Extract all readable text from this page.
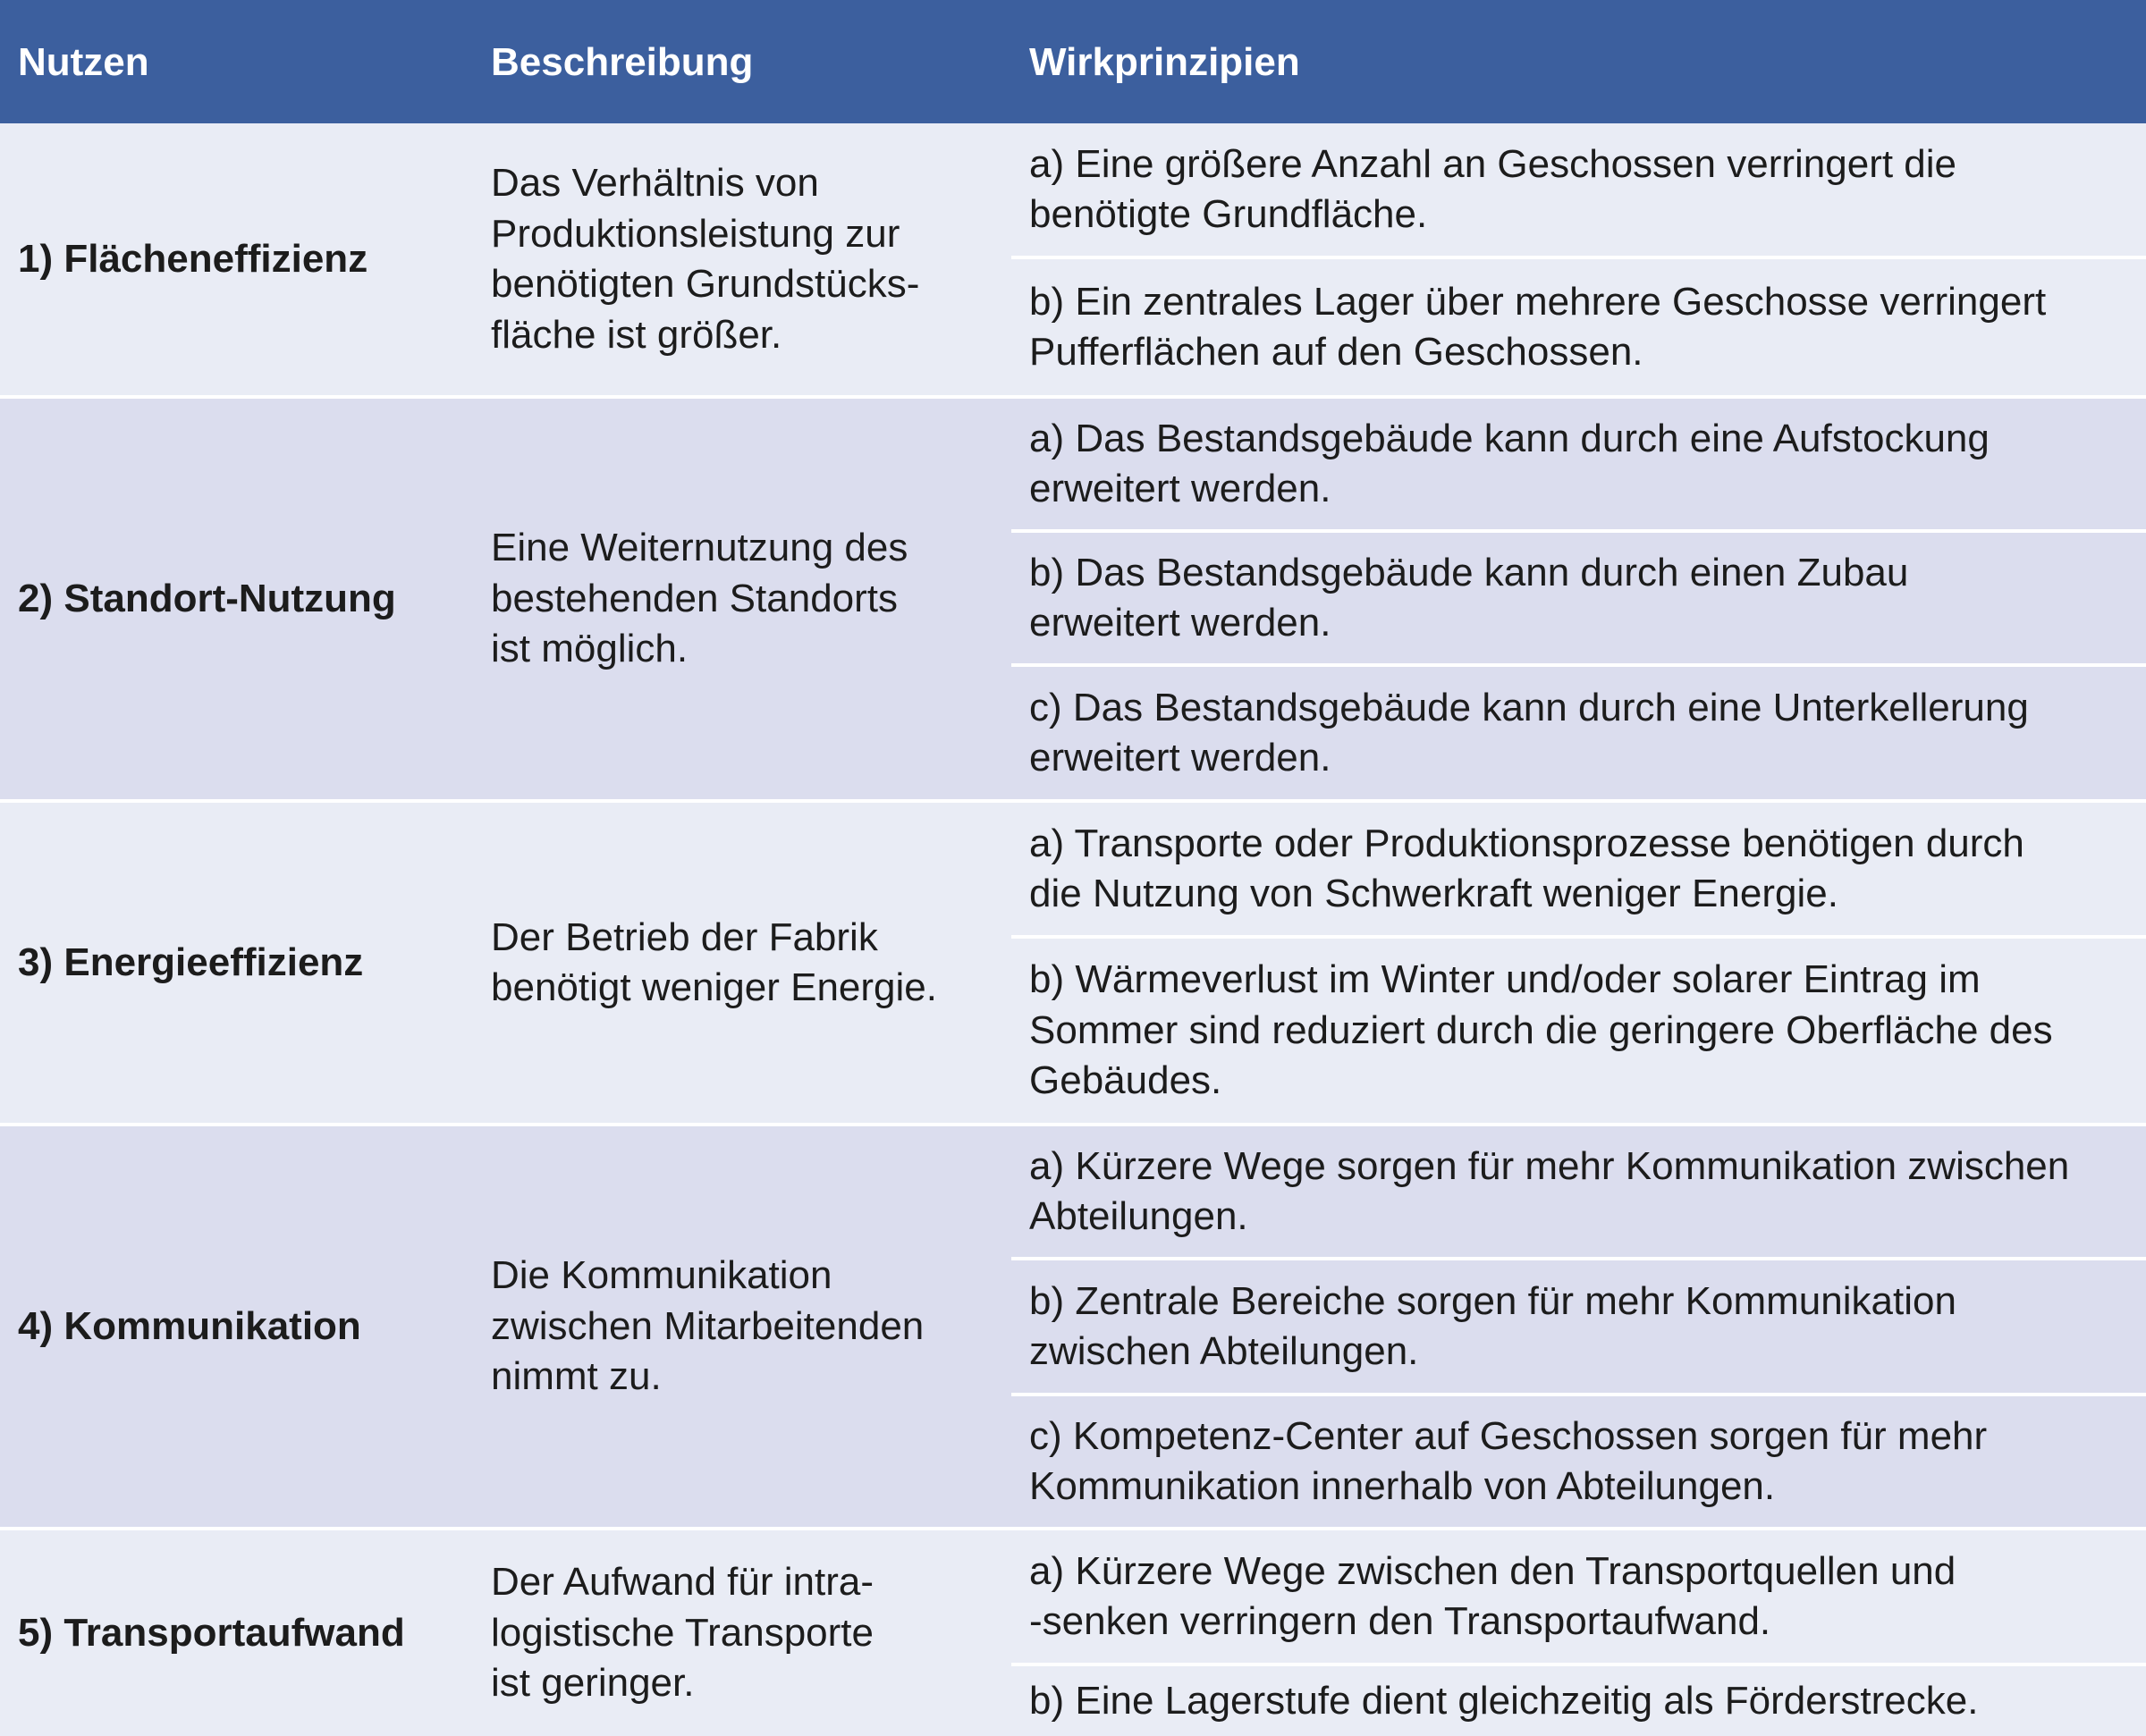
Nutzen	Beschreibung	Wirkprinzipien
1) Flächeneffizienz
Das Verhältnis von
Produktionsleistung zur
benötigten Grundstücks-
fläche ist größer.
a) Eine größere Anzahl an Geschossen verringert die
benötigte Grundfläche.
b) Ein zentrales Lager über mehrere Geschosse verringert
Pufferflächen auf den Geschossen.
2) Standort-Nutzung
Eine Weiternutzung des
bestehenden Standorts
ist möglich.
a) Das Bestandsgebäude kann durch eine Aufstockung
erweitert werden.
b) Das Bestandsgebäude kann durch einen Zubau
erweitert werden.
c) Das Bestandsgebäude kann durch eine Unterkellerung
erweitert werden.
3) Energieeffizienz
Der Betrieb der Fabrik
benötigt weniger Energie.
a) Transporte oder Produktionsprozesse benötigen durch
die Nutzung von Schwerkraft weniger Energie.
b) Wärmeverlust im Winter und/oder solarer Eintrag im
Sommer sind reduziert durch die geringere Oberfläche des
Gebäudes.
4) Kommunikation
Die Kommunikation
zwischen Mitarbeitenden
nimmt zu.
a) Kürzere Wege sorgen für mehr Kommunikation zwischen
Abteilungen.
b) Zentrale Bereiche sorgen für mehr Kommunikation
zwischen Abteilungen.
c) Kompetenz-Center auf Geschossen sorgen für mehr
Kommunikation innerhalb von Abteilungen.
5) Transportaufwand
Der Aufwand für intra-
logistische Transporte
ist geringer.
a) Kürzere Wege zwischen den Transportquellen und
-senken verringern den Transportaufwand.
b) Eine Lagerstufe dient gleichzeitig als Förderstrecke.
